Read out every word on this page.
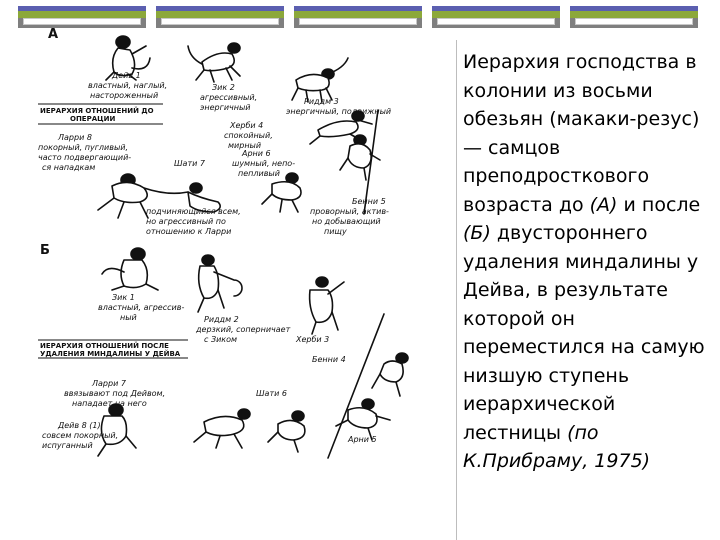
А
Б
ИЕРАРХИЯ ОТНОШЕНИЙ ДО
ОПЕРАЦИИ
ИЕРАРХИЯ ОТНОШЕНИЙ ПОСЛЕ
УДАЛЕНИЯ МИНДАЛИНЫ У ДЕЙВА
Дейв 1
властный, наглый,
настороженный
Зик 2
агрессивный,
энергичный
Риддм 3
энергичный, подвижный
Херби 4
спокойный,
мирный
Ларри 8
покорный, пугливый,
часто подвергающий-
ся нападкам	Шати 7
Арни 6
шумный, непо-
пепливый
Бенни 5
проворный, актив-
но добывающий
пищу
подчиняющийся всем,
но агрессивный по
отношению к Ларри
Зик 1
властный, агрессив-
ный	Риддм 2
дерзкий, соперничает
с Зиком	Херби 3
Бенни 4
Ларри 7
ввязывают под Дейвом,
нападает на него
Шати 6
Дейв 8 (1)
совсем покорный,
испуганный
Арни 5

Иерархия господства в колонии из восьми обезьян (макаки-резус) — самцов преподросткового возраста до (А) и после (Б) двустороннего удаления миндалины у Дейва, в результате которой он переместился на самую низшую ступень иерархической лестницы (по К.Прибраму, 1975)
